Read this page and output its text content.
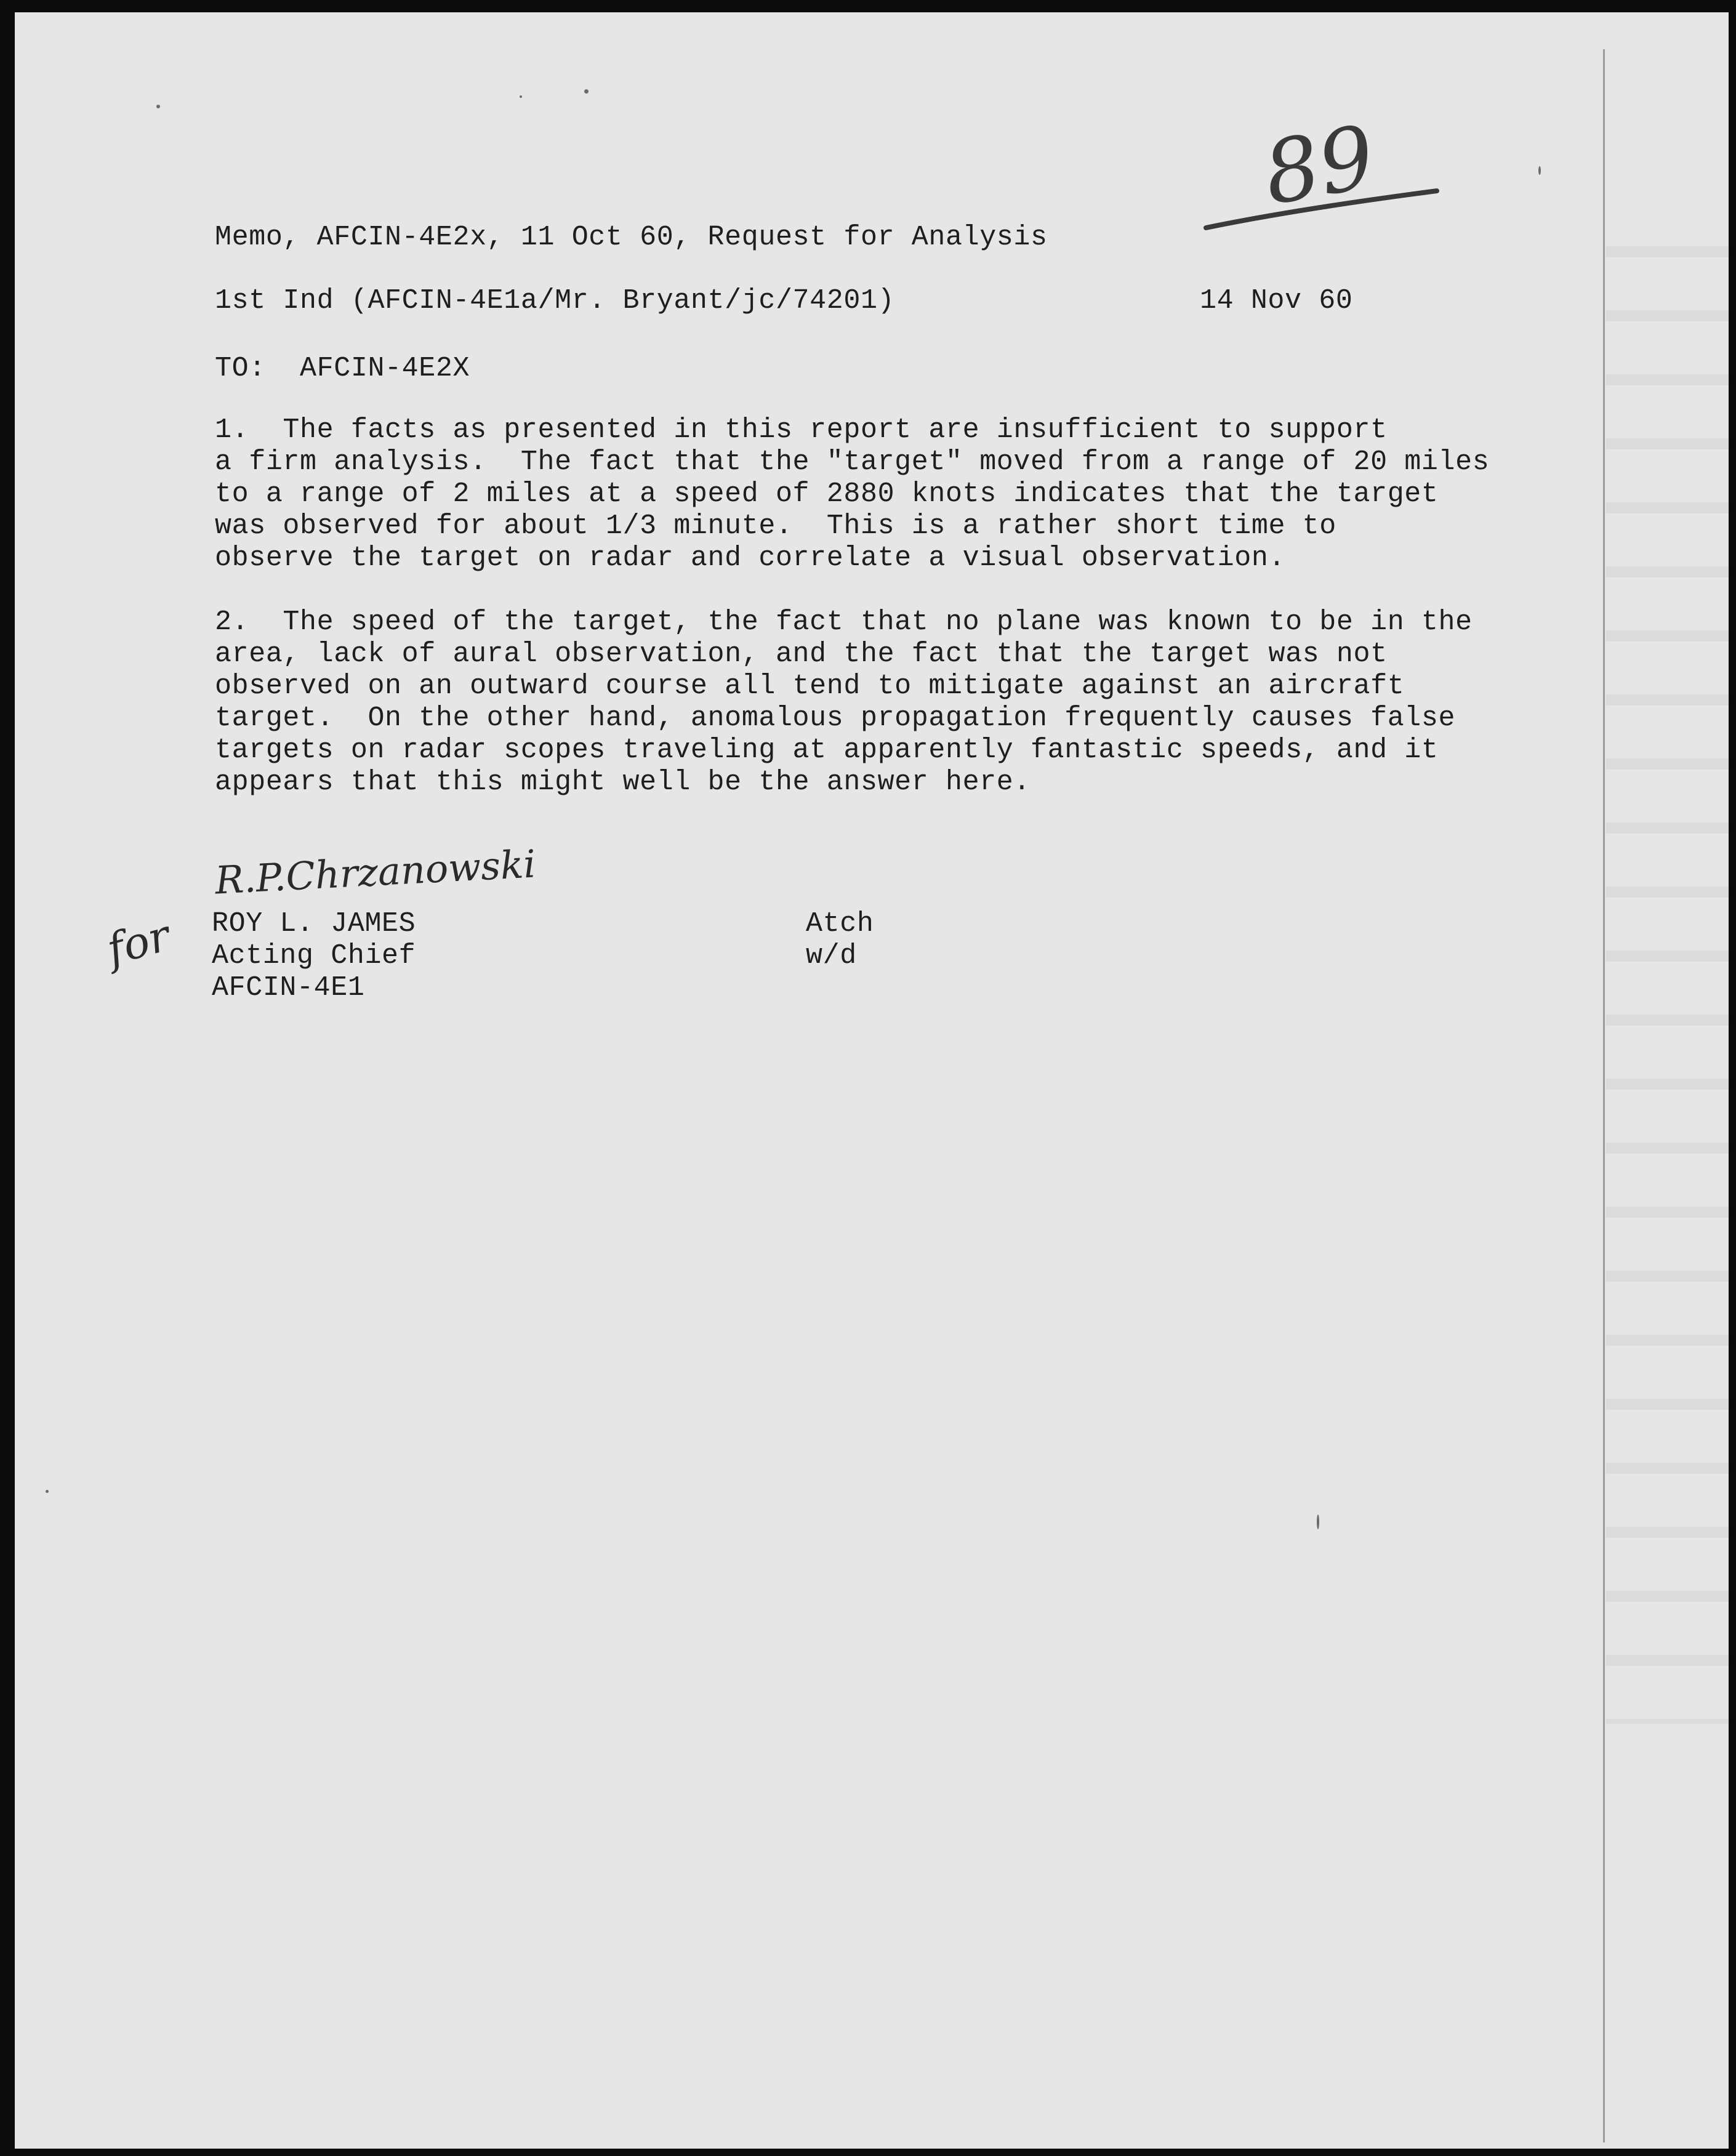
89
Memo, AFCIN-4E2x, 11 Oct 60, Request for Analysis
1st Ind (AFCIN-4E1a/Mr. Bryant/jc/74201)	14 Nov 60
TO:  AFCIN-4E2X
1.  The facts as presented in this report are insufficient to support
a firm analysis.  The fact that the "target" moved from a range of 20 miles
to a range of 2 miles at a speed of 2880 knots indicates that the target
was observed for about 1/3 minute.  This is a rather short time to
observe the target on radar and correlate a visual observation.
2.  The speed of the target, the fact that no plane was known to be in the
area, lack of aural observation, and the fact that the target was not
observed on an outward course all tend to mitigate against an aircraft
target.  On the other hand, anomalous propagation frequently causes false
targets on radar scopes traveling at apparently fantastic speeds, and it
appears that this might well be the answer here.
R.P.Chrzanowski
for ROY L. JAMES
Acting Chief
AFCIN-4E1
Atch
w/d
